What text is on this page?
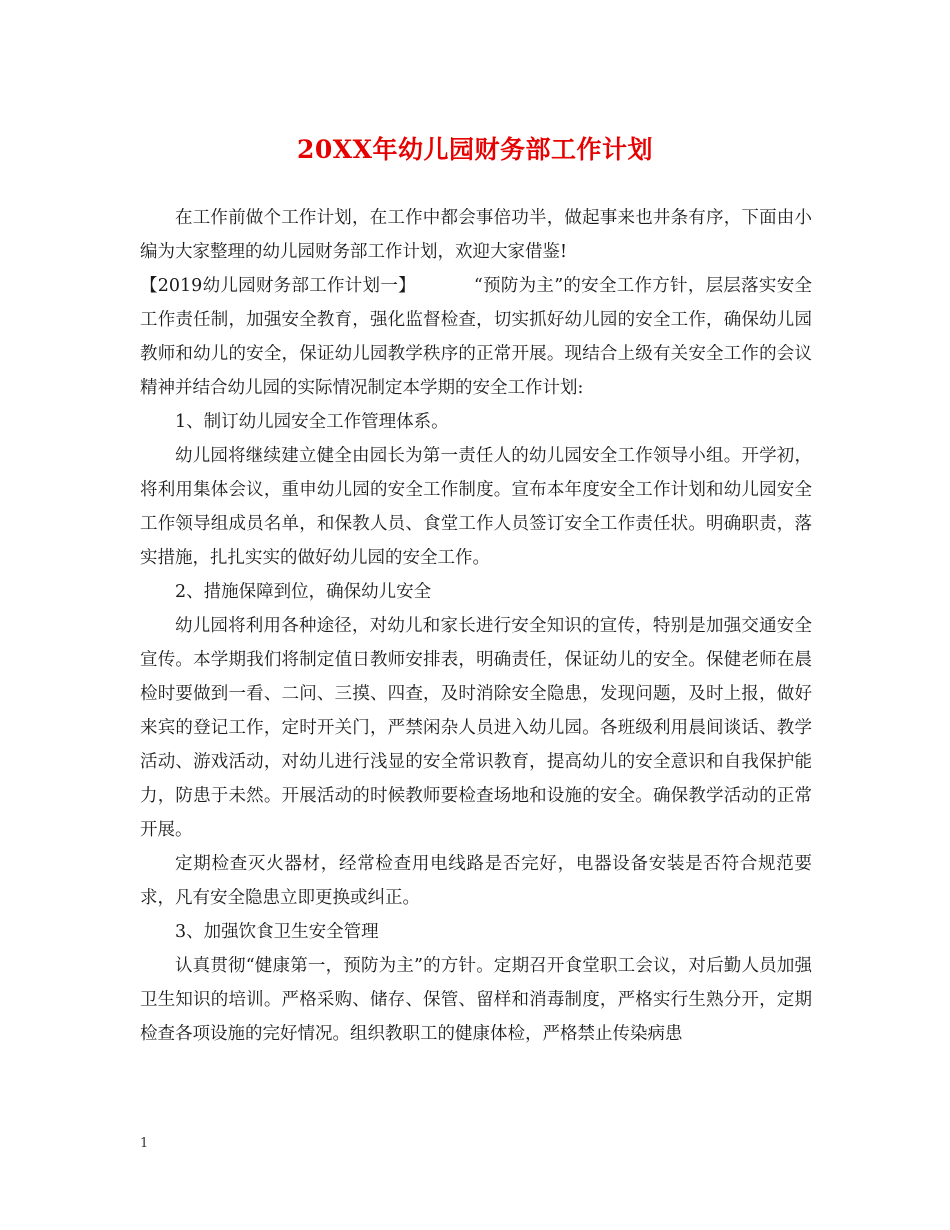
20XX年幼儿园财务部工作计划

在工作前做个工作计划，在工作中都会事倍功半，做起事来也井条有序，下面由小编为大家整理的幼儿园财务部工作计划，欢迎大家借鉴!

【2019幼儿园财务部工作计划一】	“预防为主”的安全工作方针，层层落实安全工作责任制，加强安全教育，强化监督检查，切实抓好幼儿园的安全工作，确保幼儿园教师和幼儿的安全，保证幼儿园教学秩序的正常开展。现结合上级有关安全工作的会议精神并结合幼儿园的实际情况制定本学期的安全工作计划:

1、制订幼儿园安全工作管理体系。

幼儿园将继续建立健全由园长为第一责任人的幼儿园安全工作领导小组。开学初，将利用集体会议，重申幼儿园的安全工作制度。宣布本年度安全工作计划和幼儿园安全工作领导组成员名单，和保教人员、食堂工作人员签订安全工作责任状。明确职责，落实措施，扎扎实实的做好幼儿园的安全工作。

2、措施保障到位，确保幼儿安全

幼儿园将利用各种途径，对幼儿和家长进行安全知识的宣传，特别是加强交通安全宣传。本学期我们将制定值日教师安排表，明确责任，保证幼儿的安全。保健老师在晨检时要做到一看、二问、三摸、四查，及时消除安全隐患，发现问题，及时上报，做好来宾的登记工作，定时开关门，严禁闲杂人员进入幼儿园。各班级利用晨间谈话、教学活动、游戏活动，对幼儿进行浅显的安全常识教育，提高幼儿的安全意识和自我保护能力，防患于未然。开展活动的时候教师要检查场地和设施的安全。确保教学活动的正常开展。

定期检查灭火器材，经常检查用电线路是否完好，电器设备安装是否符合规范要求，凡有安全隐患立即更换或纠正。

3、加强饮食卫生安全管理

认真贯彻“健康第一，预防为主”的方针。定期召开食堂职工会议，对后勤人员加强卫生知识的培训。严格采购、储存、保管、留样和消毒制度，严格实行生熟分开，定期检查各项设施的完好情况。组织教职工的健康体检，严格禁止传染病患

1
